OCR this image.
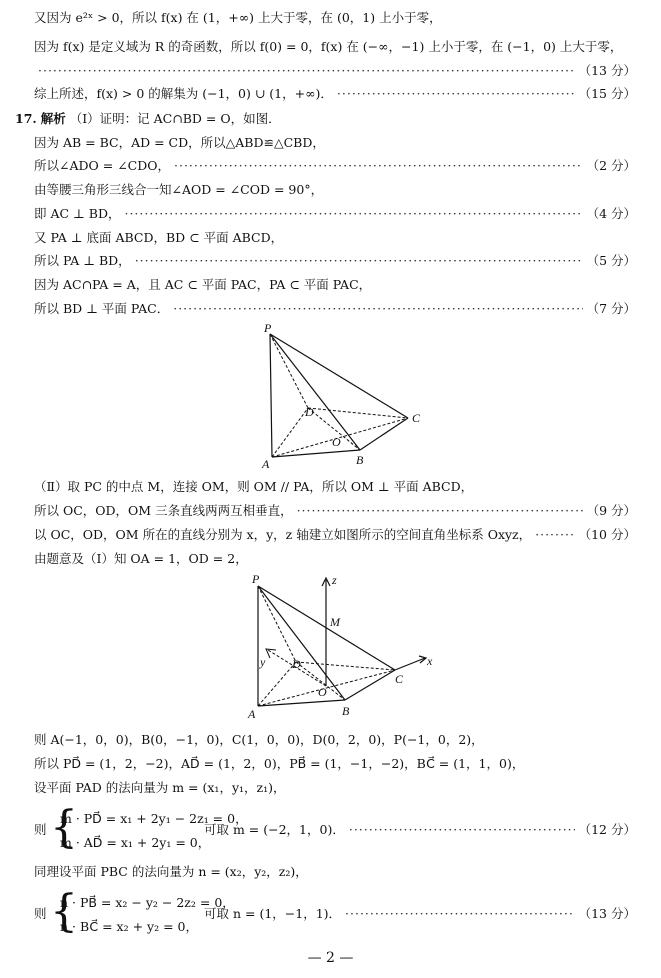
又因为 e²ˣ > 0，所以 f(x) 在 (1，+∞) 上大于零，在 (0，1) 上小于零，
因为 f(x) 是定义域为 R 的奇函数，所以 f(0) = 0，f(x) 在 (−∞，−1) 上小于零，在 (−1，0) 上大于零，
·····
（13 分）
综上所述，f(x) > 0 的解集为 (−1，0) ∪ (1，+∞)． ·····	（15 分）
17. 解析 （Ⅰ）证明：记 AC∩BD = O，如图．
因为 AB = BC，AD = CD，所以△ABD≌△CBD，
所以∠ADO = ∠CDO， ·····	（2 分）
由等腰三角形三线合一知∠AOD = ∠COD = 90°，
即 AC ⊥ BD， ·····	（4 分）
又 PA ⊥ 底面 ABCD，BD ⊂ 平面 ABCD，
所以 PA ⊥ BD， ·····	（5 分）
因为 AC∩PA = A，且 AC ⊂ 平面 PAC，PA ⊂ 平面 PAC，
所以 BD ⊥ 平面 PAC． ·····	（7 分）
P
D	C
O
A	B
（Ⅱ）取 PC 的中点 M，连接 OM，则 OM // PA，所以 OM ⊥ 平面 ABCD，
所以 OC，OD，OM 三条直线两两互相垂直， ·····	（9 分）
以 OC，OD，OM 所在的直线分别为 x，y，z 轴建立如图所示的空间直角坐标系 Oxyz， ·····	（10 分）
由题意及（Ⅰ）知 OA = 1，OD = 2，
P	z
M
y D	x
O
C
A	B
则 A(−1，0，0)，B(0，−1，0)，C(1，0，0)，D(0，2，0)，P(−1，0，2)，
所以 PD⃗ = (1，2，−2)，AD⃗ = (1，2，0)，PB⃗ = (1，−1，−2)，BC⃗ = (1，1，0)，
设平面 PAD 的法向量为 m = (x₁，y₁，z₁)，
则 {
m · PD⃗ = x₁ + 2y₁ − 2z₁ = 0，
m · AD⃗ = x₁ + 2y₁ = 0，
可取 m = (−2，1，0)． ·····	（12 分）
同理设平面 PBC 的法向量为 n = (x₂，y₂，z₂)，
则 {
n · PB⃗ = x₂ − y₂ − 2z₂ = 0，
n · BC⃗ = x₂ + y₂ = 0，
可取 n = (1，−1，1)． ·····	（13 分）
— 2 —
